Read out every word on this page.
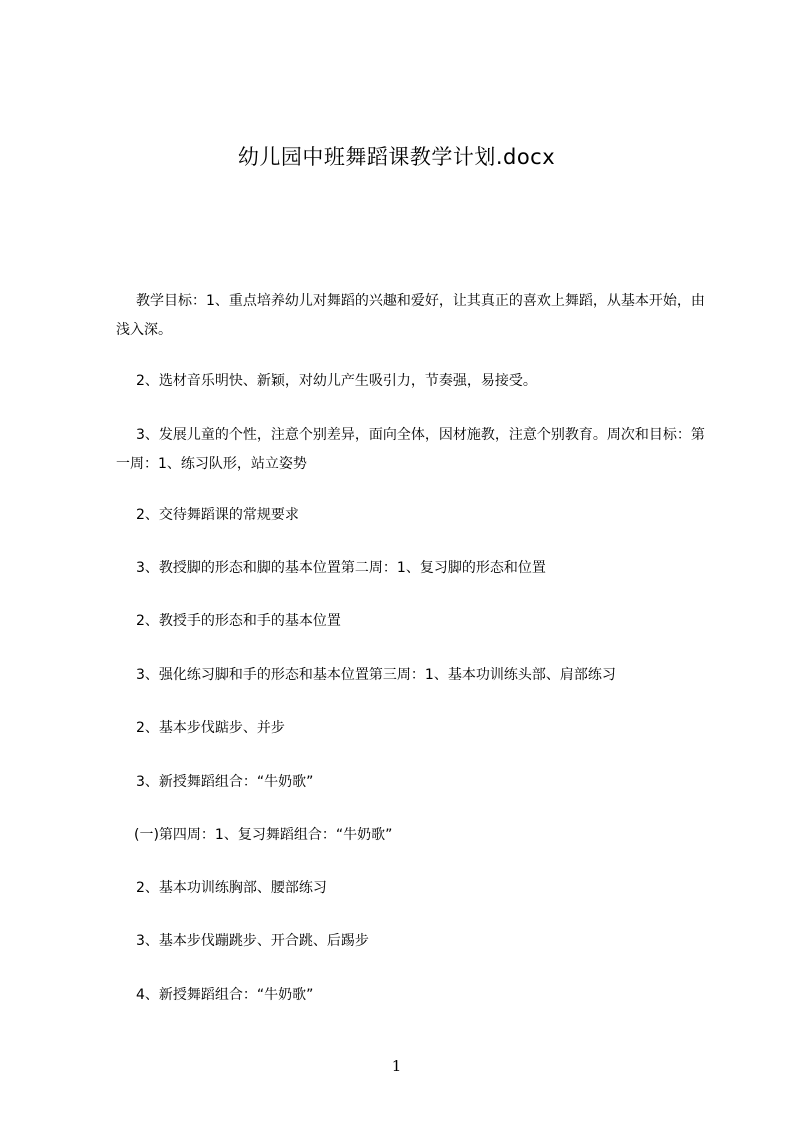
幼儿园中班舞蹈课教学计划.docx

教学目标：1、重点培养幼儿对舞蹈的兴趣和爱好，让其真正的喜欢上舞蹈，从基本开始，由浅入深。

2、选材音乐明快、新颖，对幼儿产生吸引力，节奏强，易接受。

3、发展儿童的个性，注意个别差异，面向全体，因材施教，注意个别教育。周次和目标：第一周：1、练习队形，站立姿势

2、交待舞蹈课的常规要求

3、教授脚的形态和脚的基本位置第二周：1、复习脚的形态和位置

2、教授手的形态和手的基本位置

3、强化练习脚和手的形态和基本位置第三周：1、基本功训练头部、肩部练习

2、基本步伐踮步、并步

3、新授舞蹈组合：“牛奶歌”

(一)第四周：1、复习舞蹈组合：“牛奶歌”

2、基本功训练胸部、腰部练习

3、基本步伐蹦跳步、开合跳、后踢步

4、新授舞蹈组合：“牛奶歌”

1
